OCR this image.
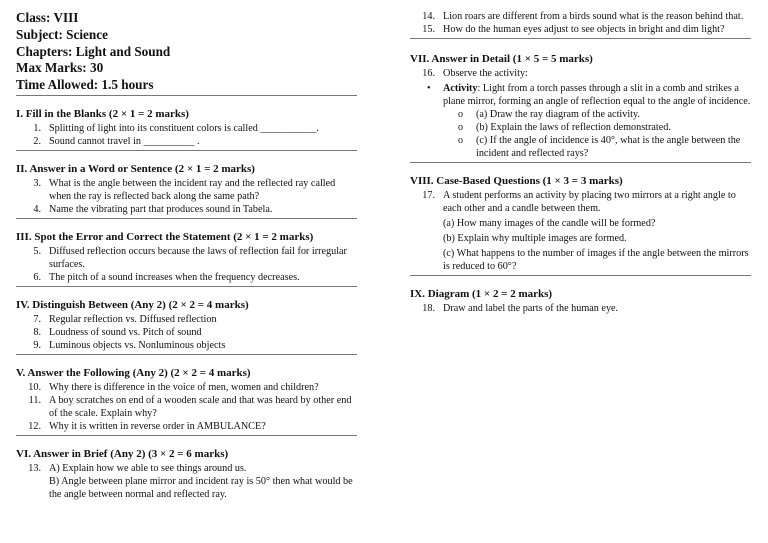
Class: VIII

Subject: Science

Chapters: Light and Sound

Max Marks: 30

Time Allowed: 1.5 hours

I. Fill in the Blanks (2 × 1 = 2 marks)

1. Splitting of light into its constituent colors is called ___________.
2. Sound cannot travel in __________ .

II. Answer in a Word or Sentence (2 × 1 = 2 marks)

3. What is the angle between the incident ray and the reflected ray called when the ray is reflected back along the same path?
4. Name the vibrating part that produces sound in Tabela.

III. Spot the Error and Correct the Statement (2 × 1 = 2 marks)

5. Diffused reflection occurs because the laws of reflection fail for irregular surfaces.
6. The pitch of a sound increases when the frequency decreases.

IV. Distinguish Between (Any 2) (2 × 2 = 4 marks)

7. Regular reflection vs. Diffused reflection
8. Loudness of sound vs. Pitch of sound
9. Luminous objects vs. Nonluminous objects

V. Answer the Following (Any 2) (2 × 2 = 4 marks)

10. Why there is difference in the voice of men, women and children?
11. A boy scratches on end of a wooden scale and that was heard by other end of the scale. Explain why?
12. Why it is written in reverse order in AMBULANCE?

VI. Answer in Brief (Any 2) (3 × 2 = 6 marks)

13. A) Explain how we able to see things around us.
B) Angle between plane mirror and incident ray is 50° then what would be the angle between normal and reflected ray.
14. Lion roars are different from a birds sound what is the reason behind that.
15. How do the human eyes adjust to see objects in bright and dim light?

VII. Answer in Detail (1 × 5 = 5 marks)

16. Observe the activity:
• Activity: Light from a torch passes through a slit in a comb and strikes a plane mirror, forming an angle of reflection equal to the angle of incidence.
o (a) Draw the ray diagram of the activity.
o (b) Explain the laws of reflection demonstrated.
o (c) If the angle of incidence is 40°, what is the angle between the incident and reflected rays?

VIII. Case-Based Questions (1 × 3 = 3 marks)

17. A student performs an activity by placing two mirrors at a right angle to each other and a candle between them.
(a) How many images of the candle will be formed?
(b) Explain why multiple images are formed.
(c) What happens to the number of images if the angle between the mirrors is reduced to 60°?

IX. Diagram (1 × 2 = 2 marks)

18. Draw and label the parts of the human eye.
